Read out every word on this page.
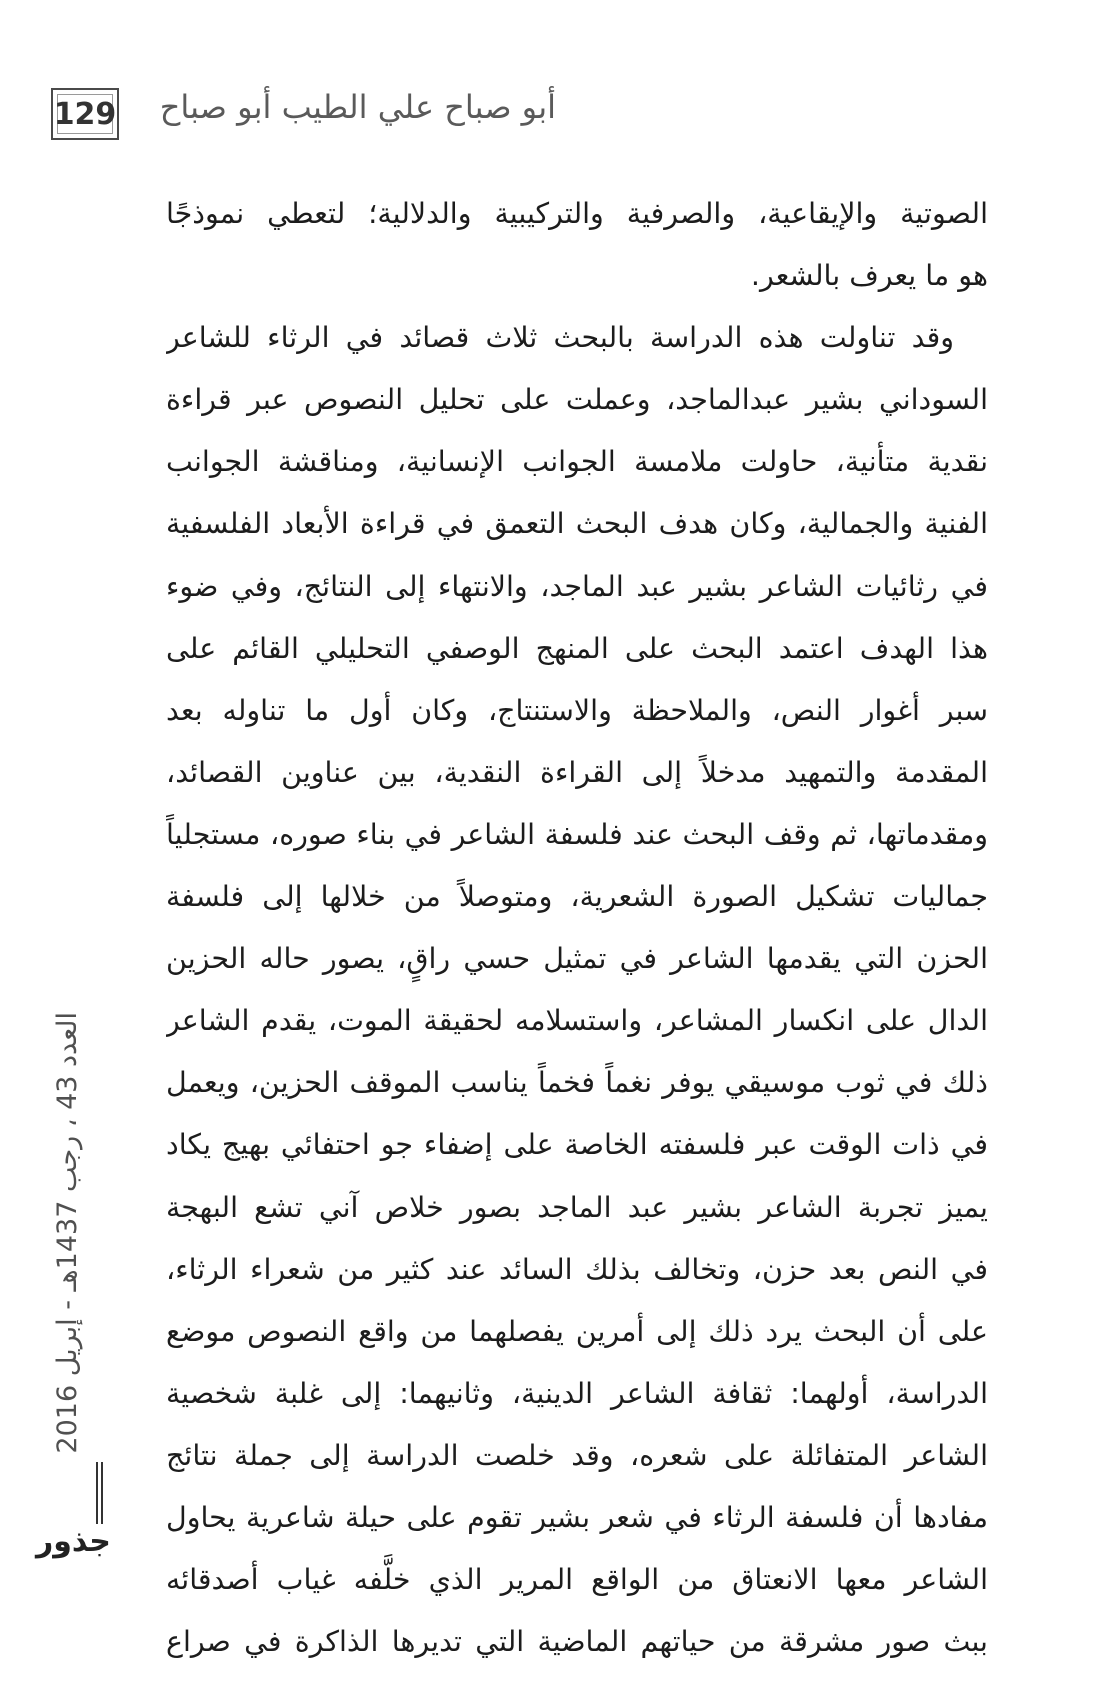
129 أبو صباح علي الطيب أبو صباح
الصوتية والإيقاعية، والصرفية والتركيبية والدلالية؛ لتعطي نموذجًا
هو ما يعرف بالشعر.
وقد تناولت هذه الدراسة بالبحث ثلاث قصائد في الرثاء للشاعر
السوداني بشير عبدالماجد، وعملت على تحليل النصوص عبر قراءة
نقدية متأنية، حاولت ملامسة الجوانب الإنسانية، ومناقشة الجوانب
الفنية والجمالية، وكان هدف البحث التعمق في قراءة الأبعاد الفلسفية
في رثائيات الشاعر بشير عبد الماجد، والانتهاء إلى النتائج، وفي ضوء
هذا الهدف اعتمد البحث على المنهج الوصفي التحليلي القائم على
سبر أغوار النص، والملاحظة والاستنتاج، وكان أول ما تناوله بعد
المقدمة والتمهيد مدخلاً إلى القراءة النقدية، بين عناوين القصائد،
ومقدماتها، ثم وقف البحث عند فلسفة الشاعر في بناء صوره، مستجلياً
جماليات تشكيل الصورة الشعرية، ومتوصلاً من خلالها إلى فلسفة
الحزن التي يقدمها الشاعر في تمثيل حسي راقٍ، يصور حاله الحزين
الدال على انكسار المشاعر، واستسلامه لحقيقة الموت، يقدم الشاعر
ذلك في ثوب موسيقي يوفر نغماً فخماً يناسب الموقف الحزين، ويعمل
في ذات الوقت عبر فلسفته الخاصة على إضفاء جو احتفائي بهيج يكاد
يميز تجربة الشاعر بشير عبد الماجد بصور خلاص آني تشع البهجة
في النص بعد حزن، وتخالف بذلك السائد عند كثير من شعراء الرثاء،
على أن البحث يرد ذلك إلى أمرين يفصلهما من واقع النصوص موضع
الدراسة، أولهما: ثقافة الشاعر الدينية، وثانيهما: إلى غلبة شخصية
الشاعر المتفائلة على شعره، وقد خلصت الدراسة إلى جملة نتائج
مفادها أن فلسفة الرثاء في شعر بشير تقوم على حيلة شاعرية يحاول
الشاعر معها الانعتاق من الواقع المرير الذي خلَّفه غياب أصدقائه
ببث صور مشرقة من حياتهم الماضية التي تديرها الذاكرة في صراع
العدد 43 ، رجب 1437هـ - إبريل 2016
جذور
